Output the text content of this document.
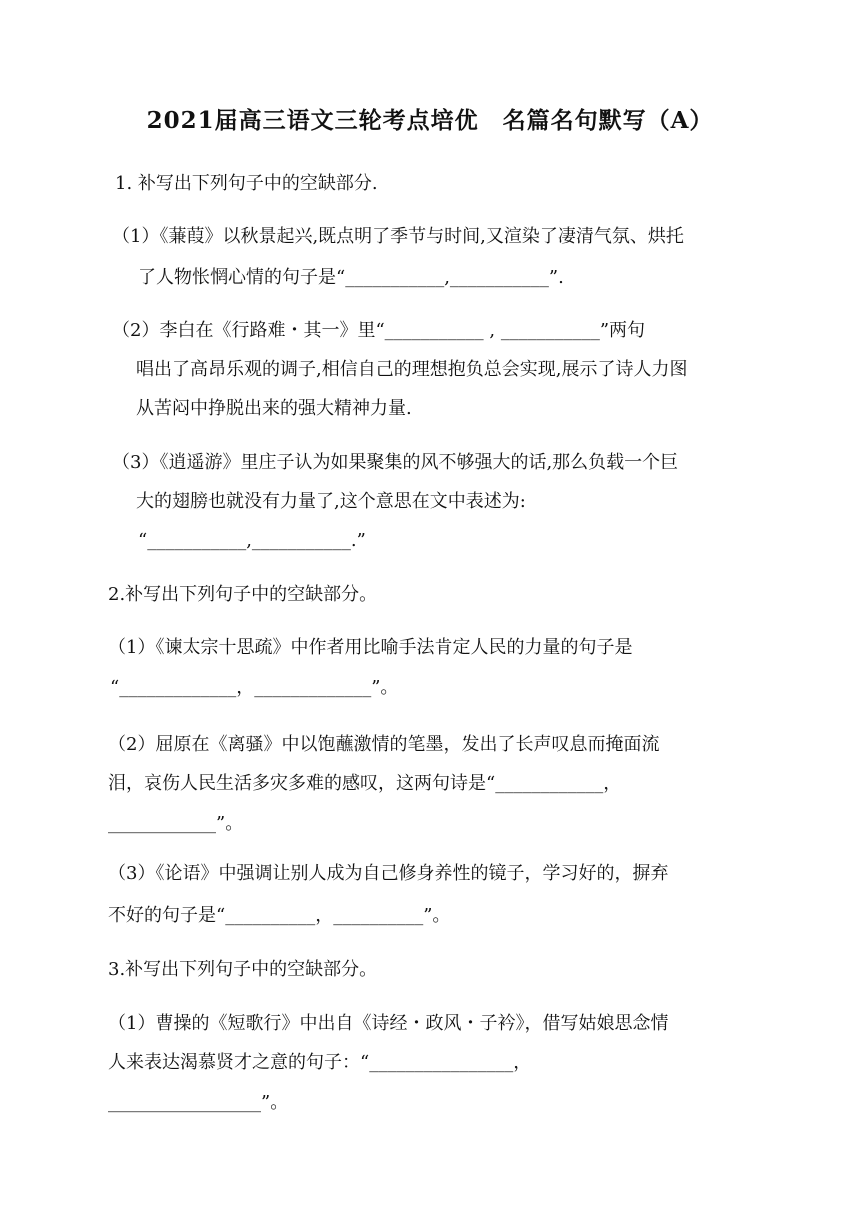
2021届高三语文三轮考点培优　名篇名句默写（A）
1. 补写出下列句子中的空缺部分.
（1）《蒹葭》以秋景起兴,既点明了季节与时间,又渲染了凄清气氛、烘托
了人物怅惘心情的句子是“___________,___________”.
（2）李白在《行路难・其一》里“___________ , ___________”两句
唱出了高昂乐观的调子,相信自己的理想抱负总会实现,展示了诗人力图
从苦闷中挣脱出来的强大精神力量.
（3）《逍遥游》里庄子认为如果聚集的风不够强大的话,那么负载一个巨
大的翅膀也就没有力量了,这个意思在文中表述为:
“___________,___________.”
2.补写出下列句子中的空缺部分。
（1）《谏太宗十思疏》中作者用比喻手法肯定人民的力量的句子是
“_____________，_____________”。
（2）屈原在《离骚》中以饱蘸激情的笔墨，发出了长声叹息而掩面流
泪，哀伤人民生活多灾多难的感叹，这两句诗是“____________，
____________”。
（3）《论语》中强调让别人成为自己修身养性的镜子，学习好的，摒弃
不好的句子是“__________，__________”。
3.补写出下列句子中的空缺部分。
（1）曹操的《短歌行》中出自《诗经・政风・子衿》，借写姑娘思念情
人来表达渴慕贤才之意的句子：“________________，
_________________”。
